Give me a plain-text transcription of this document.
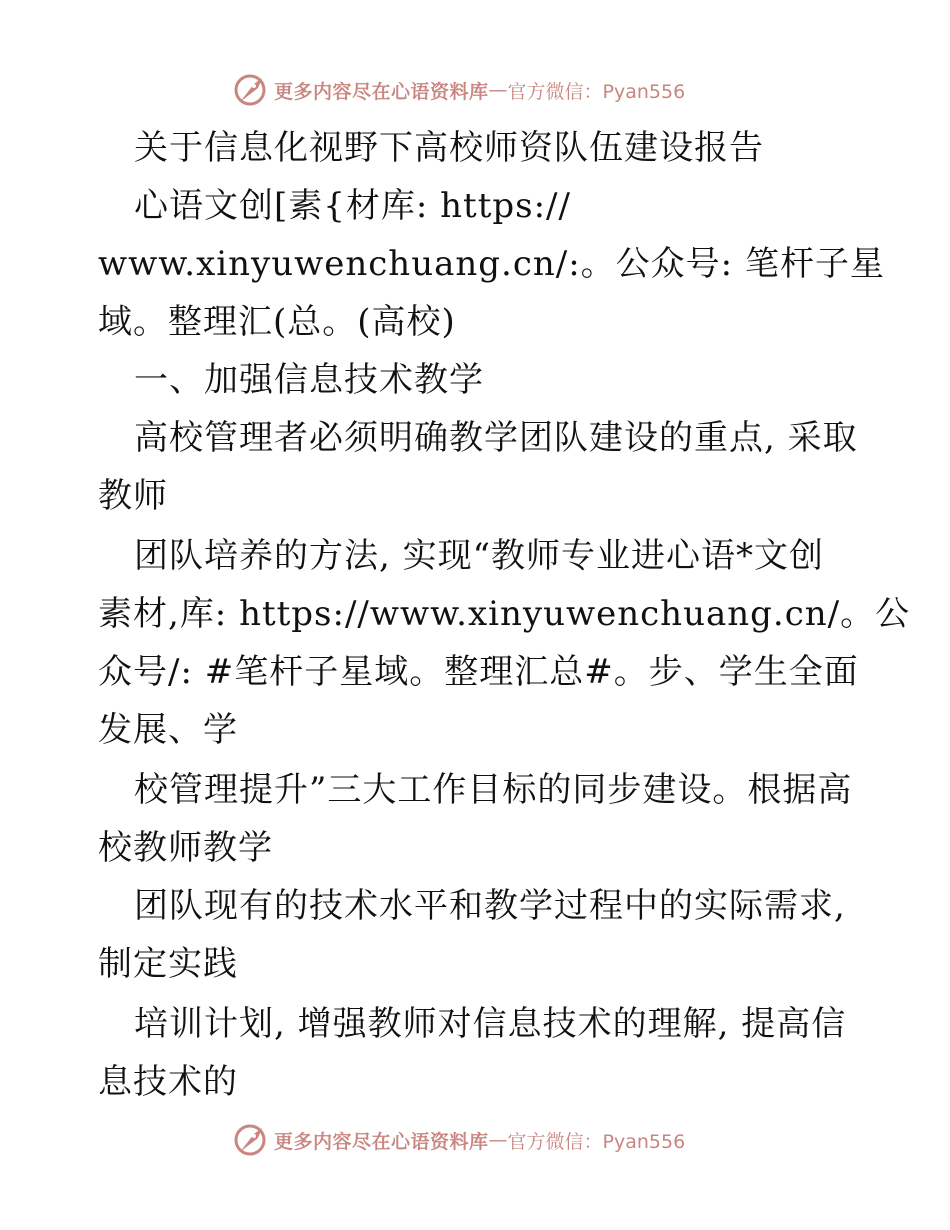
更多内容尽在心语资料库 — 官方微信：Pyan556
关于信息化视野下高校师资队伍建设报告
心语文创[素{材库: https://
www.xinyuwenchuang.cn/:。公众号: 笔杆子星
域。整理汇(总。(高校)
一、加强信息技术教学
高校管理者必须明确教学团队建设的重点, 采取
教师
团队培养的方法, 实现“教师专业进心语*文创
素材,库: https://www.xinyuwenchuang.cn/。公
众号/: #笔杆子星域。整理汇总#。步、学生全面
发展、学
校管理提升”三大工作目标的同步建设。根据高
校教师教学
团队现有的技术水平和教学过程中的实际需求,
制定实践
培训计划, 增强教师对信息技术的理解, 提高信
息技术的
更多内容尽在心语资料库 — 官方微信：Pyan556
